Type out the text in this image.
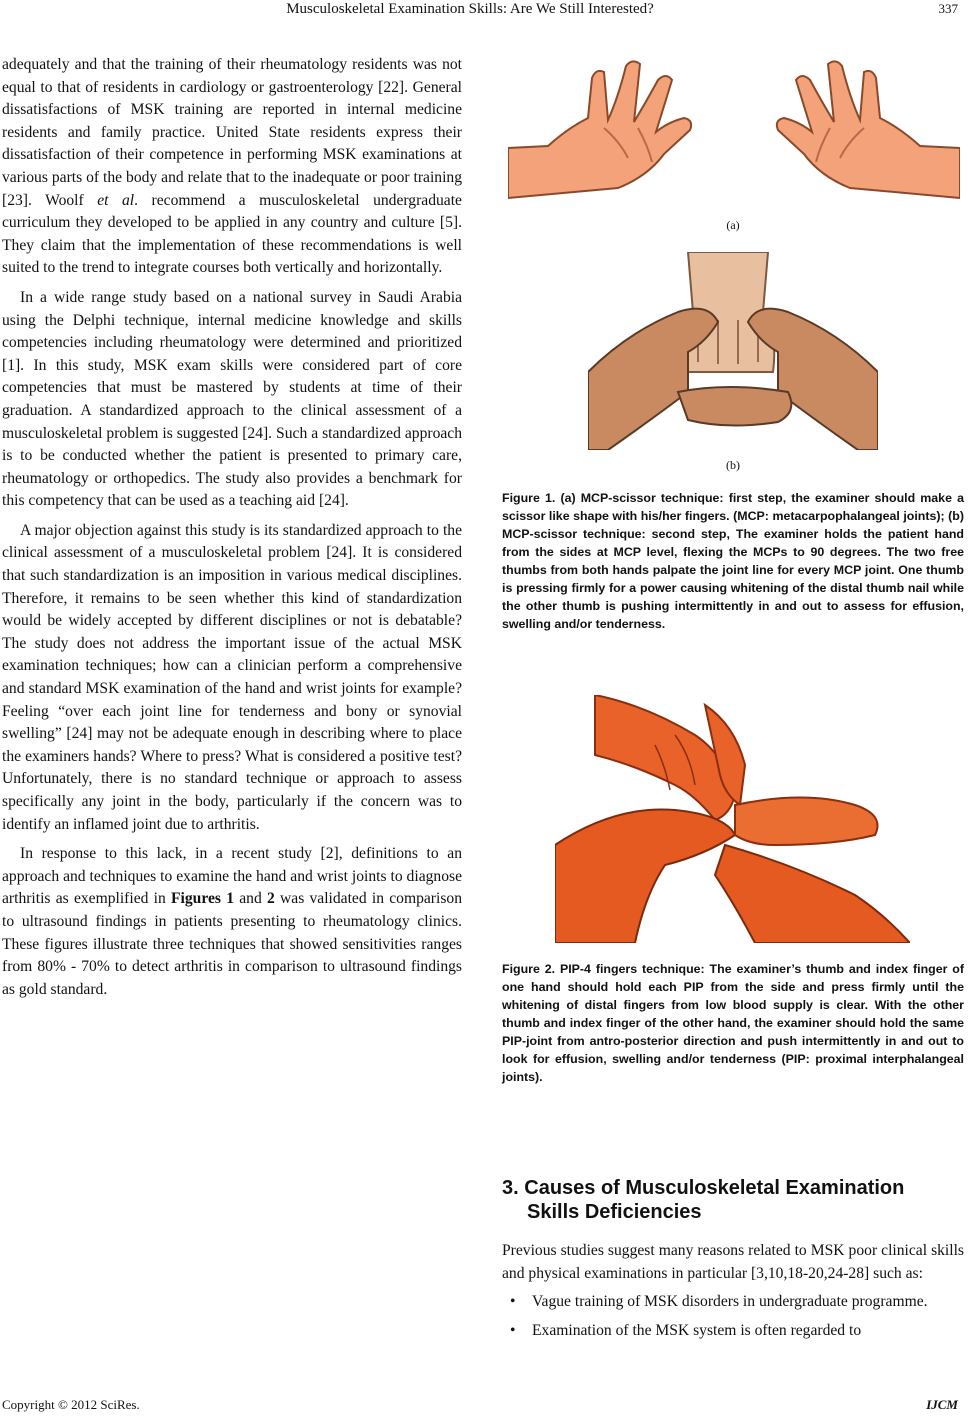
Musculoskeletal Examination Skills: Are We Still Interested?	337

adequately and that the training of their rheumatology residents was not equal to that of residents in cardiology or gastroenterology [22]. General dissatisfactions of MSK training are reported in internal medicine residents and family practice. United State residents express their dissatisfaction of their competence in performing MSK examinations at various parts of the body and relate that to the inadequate or poor training [23]. Woolf et al. recommend a musculoskeletal undergraduate curriculum they developed to be applied in any country and culture [5]. They claim that the implementation of these recommendations is well suited to the trend to integrate courses both vertically and horizontally.

In a wide range study based on a national survey in Saudi Arabia using the Delphi technique, internal medicine knowledge and skills competencies including rheumatology were determined and prioritized [1]. In this study, MSK exam skills were considered part of core competencies that must be mastered by students at time of their graduation. A standardized approach to the clinical assessment of a musculoskeletal problem is suggested [24]. Such a standardized approach is to be conducted whether the patient is presented to primary care, rheumatology or orthopedics. The study also provides a benchmark for this competency that can be used as a teaching aid [24].

A major objection against this study is its standardized approach to the clinical assessment of a musculoskeletal problem [24]. It is considered that such standardization is an imposition in various medical disciplines. Therefore, it remains to be seen whether this kind of standardization would be widely accepted by different disciplines or not is debatable? The study does not address the important issue of the actual MSK examination techniques; how can a clinician perform a comprehensive and standard MSK examination of the hand and wrist joints for example? Feeling “over each joint line for tenderness and bony or synovial swelling” [24] may not be adequate enough in describing where to place the examiners hands? Where to press? What is considered a positive test? Unfortunately, there is no standard technique or approach to assess specifically any joint in the body, particularly if the concern was to identify an inflamed joint due to arthritis.

In response to this lack, in a recent study [2], definitions to an approach and techniques to examine the hand and wrist joints to diagnose arthritis as exemplified in Figures 1 and 2 was validated in comparison to ultrasound findings in patients presenting to rheumatology clinics. These figures illustrate three techniques that showed sensitivities ranges from 80% - 70% to detect arthritis in comparison to ultrasound findings as gold standard.

(a)
(b)
Figure 1. (a) MCP-scissor technique: first step, the examiner should make a scissor like shape with his/her fingers. (MCP: metacarpophalangeal joints); (b) MCP-scissor technique: second step, The examiner holds the patient hand from the sides at MCP level, flexing the MCPs to 90 degrees. The two free thumbs from both hands palpate the joint line for every MCP joint. One thumb is pressing firmly for a power causing whitening of the distal thumb nail while the other thumb is pushing intermittently in and out to assess for effusion, swelling and/or tenderness.
Figure 2. PIP-4 fingers technique: The examiner’s thumb and index finger of one hand should hold each PIP from the side and press firmly until the whitening of distal fingers from low blood supply is clear. With the other thumb and index finger of the other hand, the examiner should hold the same PIP-joint from antro-posterior direction and push intermittently in and out to look for effusion, swelling and/or tenderness (PIP: proximal interphalangeal joints).
3. Causes of Musculoskeletal Examination
Skills Deficiencies
Previous studies suggest many reasons related to MSK poor clinical skills and physical examinations in particular [3,10,18-20,24-28] such as:
• Vague training of MSK disorders in undergraduate programme.
• Examination of the MSK system is often regarded to
Copyright © 2012 SciRes.	IJCM
